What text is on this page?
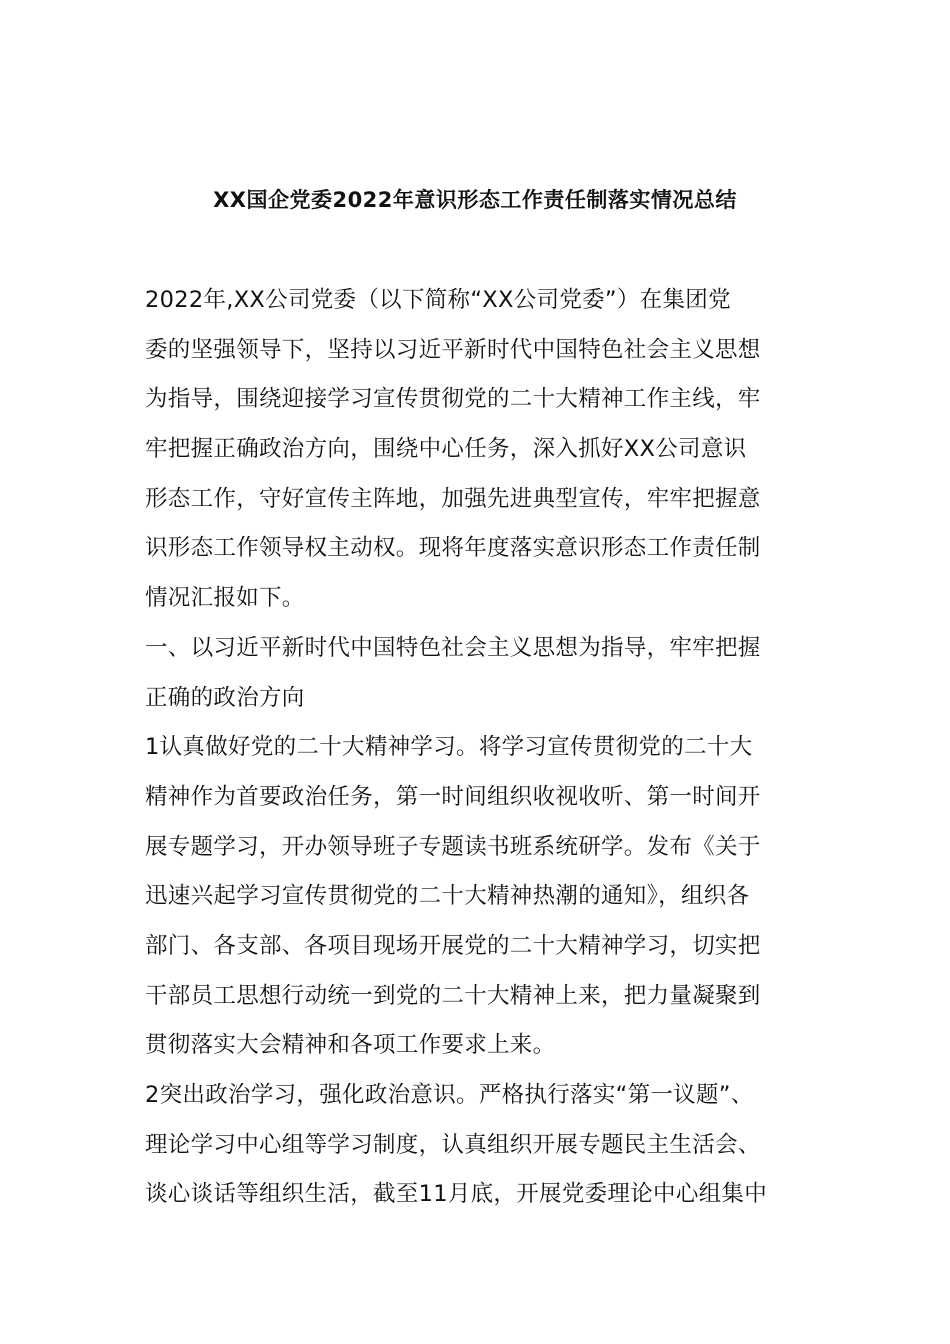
XX国企党委2022年意识形态工作责任制落实情况总结
2022年,XX公司党委（以下简称“XX公司党委”）在集团党
委的坚强领导下，坚持以习近平新时代中国特色社会主义思想
为指导，围绕迎接学习宣传贯彻党的二十大精神工作主线，牢
牢把握正确政治方向，围绕中心任务，深入抓好XX公司意识
形态工作，守好宣传主阵地，加强先进典型宣传，牢牢把握意
识形态工作领导权主动权。现将年度落实意识形态工作责任制
情况汇报如下。
一、以习近平新时代中国特色社会主义思想为指导，牢牢把握
正确的政治方向
1认真做好党的二十大精神学习。将学习宣传贯彻党的二十大
精神作为首要政治任务，第一时间组织收视收听、第一时间开
展专题学习，开办领导班子专题读书班系统研学。发布《关于
迅速兴起学习宣传贯彻党的二十大精神热潮的通知》，组织各
部门、各支部、各项目现场开展党的二十大精神学习，切实把
干部员工思想行动统一到党的二十大精神上来，把力量凝聚到
贯彻落实大会精神和各项工作要求上来。
2突出政治学习，强化政治意识。严格执行落实“第一议题”、
理论学习中心组等学习制度，认真组织开展专题民主生活会、
谈心谈话等组织生活，截至11月底，开展党委理论中心组集中
